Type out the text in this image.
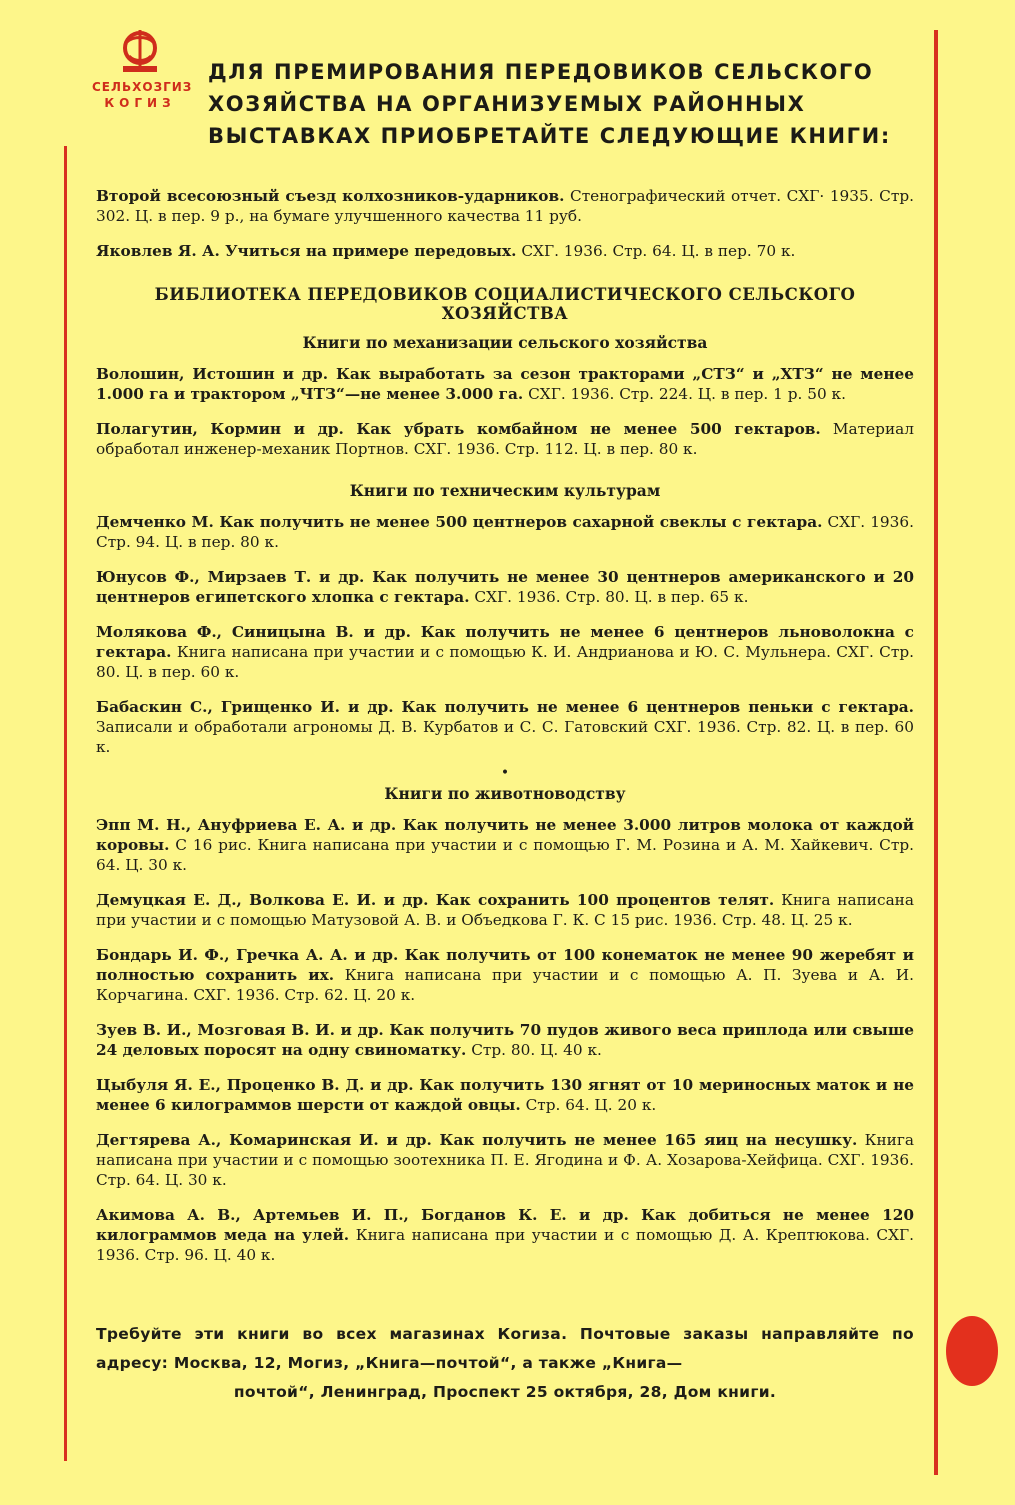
СЕЛЬХОЗГИЗ
КОГИЗ
ДЛЯ ПРЕМИРОВАНИЯ ПЕРЕДОВИКОВ СЕЛЬСКОГО
ХОЗЯЙСТВА НА ОРГАНИЗУЕМЫХ РАЙОННЫХ
ВЫСТАВКАХ ПРИОБРЕТАЙТЕ СЛЕДУЮЩИЕ КНИГИ:
Второй всесоюзный съезд колхозников-ударников. Стенографический отчет. СХГ· 1935. Стр. 302. Ц. в пер. 9 р., на бумаге улучшенного качества 11 руб.
Яковлев Я. А. Учиться на примере передовых. СХГ. 1936. Стр. 64. Ц. в пер. 70 к.
БИБЛИОТЕКА ПЕРЕДОВИКОВ СОЦИАЛИСТИЧЕСКОГО СЕЛЬСКОГО ХОЗЯЙСТВА
Книги по механизации сельского хозяйства
Волошин, Истошин и др. Как выработать за сезон тракторами „СТЗ“ и „ХТЗ“ не менее 1.000 га и трактором „ЧТЗ“—не менее 3.000 га. СХГ. 1936. Стр. 224. Ц. в пер. 1 р. 50 к.
Полагутин, Кормин и др. Как убрать комбайном не менее 500 гектаров. Материал обработал инженер-механик Портнов. СХГ. 1936. Стр. 112. Ц. в пер. 80 к.
Книги по техническим культурам
Демченко М. Как получить не менее 500 центнеров сахарной свеклы с гектара. СХГ. 1936. Стр. 94. Ц. в пер. 80 к.
Юнусов Ф., Мирзаев Т. и др. Как получить не менее 30 центнеров американского и 20 центнеров египетского хлопка с гектара. СХГ. 1936. Стр. 80. Ц. в пер. 65 к.
Молякова Ф., Синицына В. и др. Как получить не менее 6 центнеров льноволокна с гектара. Книга написана при участии и с помощью К. И. Андрианова и Ю. С. Мульнера. СХГ. Стр. 80. Ц. в пер. 60 к.
Бабаскин С., Грищенко И. и др. Как получить не менее 6 центнеров пеньки с гектара. Записали и обработали агрономы Д. В. Курбатов и С. С. Гатовский СХГ. 1936. Стр. 82. Ц. в пер. 60 к.
•
Книги по животноводству
Эпп М. Н., Ануфриева Е. А. и др. Как получить не менее 3.000 литров молока от каждой коровы. С 16 рис. Книга написана при участии и с помощью Г. М. Розина и А. М. Хайкевич. Стр. 64. Ц. 30 к.
Демуцкая Е. Д., Волкова Е. И. и др. Как сохранить 100 процентов телят. Книга написана при участии и с помощью Матузовой А. В. и Объедкова Г. К. С 15 рис. 1936. Стр. 48. Ц. 25 к.
Бондарь И. Ф., Гречка А. А. и др. Как получить от 100 конематок не менее 90 жеребят и полностью сохранить их. Книга написана при участии и с помощью А. П. Зуева и А. И. Корчагина. СХГ. 1936. Стр. 62. Ц. 20 к.
Зуев В. И., Мозговая В. И. и др. Как получить 70 пудов живого веса приплода или свыше 24 деловых поросят на одну свиноматку. Стр. 80. Ц. 40 к.
Цыбуля Я. Е., Проценко В. Д. и др. Как получить 130 ягнят от 10 мериносных маток и не менее 6 килограммов шерсти от каждой овцы. Стр. 64. Ц. 20 к.
Дегтярева А., Комаринская И. и др. Как получить не менее 165 яиц на несушку. Книга написана при участии и с помощью зоотехника П. Е. Ягодина и Ф. А. Хозарова-Хейфица. СХГ. 1936. Стр. 64. Ц. 30 к.
Акимова А. В., Артемьев И. П., Богданов К. Е. и др. Как добиться не менее 120 килограммов меда на улей. Книга написана при участии и с помощью Д. А. Крептюкова. СХГ. 1936. Стр. 96. Ц. 40 к.
Требуйте эти книги во всех магазинах Когиза. Почтовые заказы направляйте по адресу: Москва, 12, Могиз, „Книга—почтой“, а также „Книга—
почтой“, Ленинград, Проспект 25 октября, 28, Дом книги.
